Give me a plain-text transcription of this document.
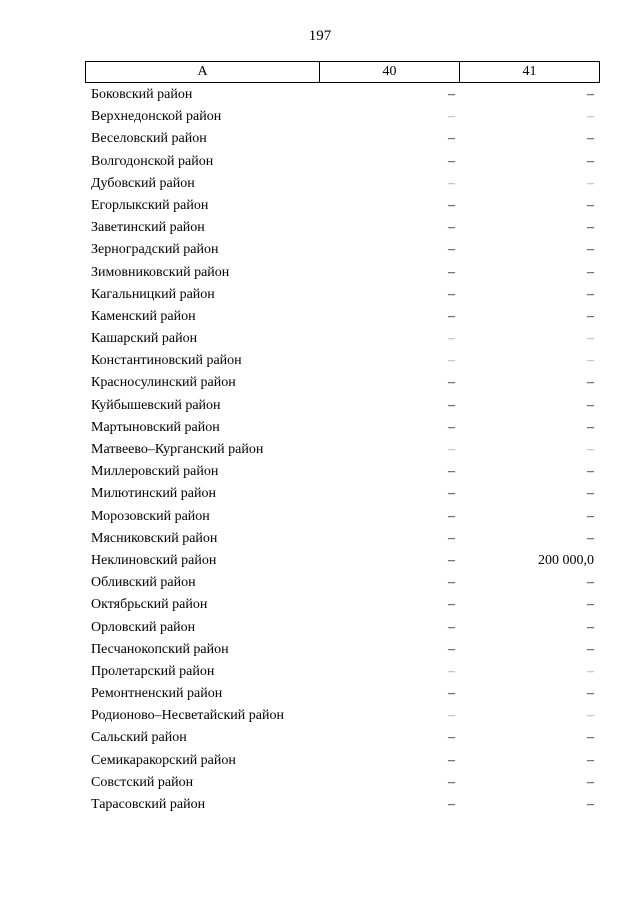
197
А	40	41
Боковский район	–	–
Верхнедонской район	–	–
Веселовский район	–	–
Волгодонской район	–	–
Дубовский район	–	–
Егорлыкский район	–	–
Заветинский район	–	–
Зерноградский район	–	–
Зимовниковский район	–	–
Кагальницкий район	–	–
Каменский район	–	–
Кашарский район	–	–
Константиновский район	–	–
Красносулинский район	–	–
Куйбышевский район	–	–
Мартыновский район	–	–
Матвеево–Курганский район	–	–
Миллеровский район	–	–
Милютинский район	–	–
Морозовский район	–	–
Мясниковский район	–	–
Неклиновский район	–	200 000,0
Обливский район	–	–
Октябрьский район	–	–
Орловский район	–	–
Песчанокопский район	–	–
Пролетарский район	–	–
Ремонтненский район	–	–
Родионово–Несветайский район	–	–
Сальский район	–	–
Семикаракорский район	–	–
Совстский район	–	–
Тарасовский район	–	–
